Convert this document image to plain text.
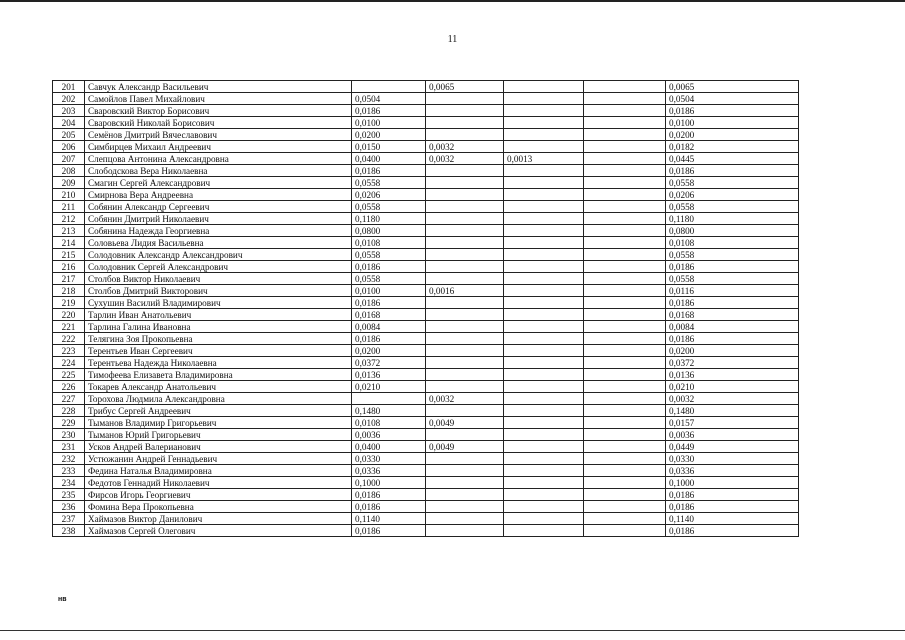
11
201	Савчук Александр Васильевич		0,0065			0,0065
202	Самойлов Павел Михайлович	0,0504				0,0504
203	Сваровский Виктор Борисович	0,0186				0,0186
204	Сваровский Николай Борисович	0,0100				0,0100
205	Семёнов Дмитрий Вячеславович	0,0200				0,0200
206	Симбирцев Михаил Андреевич	0,0150	0,0032			0,0182
207	Слепцова Антонина Александровна	0,0400	0,0032	0,0013		0,0445
208	Слободскова Вера Николаевна	0,0186				0,0186
209	Смагин Сергей Александрович	0,0558				0,0558
210	Смирнова Вера Андреевна	0,0206				0,0206
211	Собянин Александр Сергеевич	0,0558				0,0558
212	Собянин Дмитрий Николаевич	0,1180				0,1180
213	Собянина Надежда Георгиевна	0,0800				0,0800
214	Соловьева Лидия Васильевна	0,0108				0,0108
215	Солодовник Александр Александрович	0,0558				0,0558
216	Солодовник Сергей Александрович	0,0186				0,0186
217	Столбов Виктор Николаевич	0,0558				0,0558
218	Столбов Дмитрий Викторович	0,0100	0,0016			0,0116
219	Сухушин Василий Владимирович	0,0186				0,0186
220	Тарлин Иван Анатольевич	0,0168				0,0168
221	Тарлина Галина Ивановна	0,0084				0,0084
222	Телягина Зоя Прокопьевна	0,0186				0,0186
223	Терентьев Иван Сергеевич	0,0200				0,0200
224	Терентьева Надежда Николаевна	0,0372				0,0372
225	Тимофеева Елизавета Владимировна	0,0136				0,0136
226	Токарев Александр Анатольевич	0,0210				0,0210
227	Торохова Людмила Александровна		0,0032			0,0032
228	Трибус Сергей Андреевич	0,1480				0,1480
229	Тыманов Владимир Григорьевич	0,0108	0,0049			0,0157
230	Тыманов Юрий Григорьевич	0,0036				0,0036
231	Усков Андрей Валерианович	0,0400	0,0049			0,0449
232	Устюжанин Андрей Геннадьевич	0,0330				0,0330
233	Федина Наталья Владимировна	0,0336				0,0336
234	Федотов Геннадий Николаевич	0,1000				0,1000
235	Фирсов Игорь Георгиевич	0,0186				0,0186
236	Фомина Вера Прокопьевна	0,0186				0,0186
237	Хаймазов Виктор Данилович	0,1140				0,1140
238	Хаймазов Сергей Олегович	0,0186				0,0186
нв
